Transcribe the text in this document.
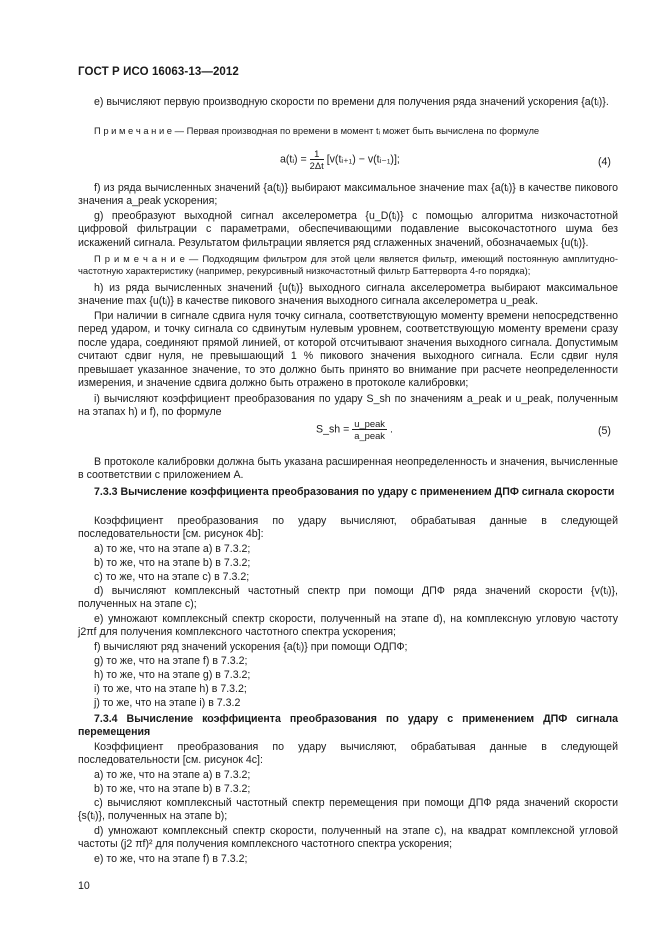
ГОСТ Р ИСО 16063-13—2012
e) вычисляют первую производную скорости по времени для получения ряда значений ускорения {a(tᵢ)}.
П р и м е ч а н и е — Первая производная по времени в момент tᵢ может быть вычислена по формуле
a(tᵢ) = $\frac{1}{2\Delta t}$ [v(tᵢ₊₁) − v(tᵢ₋₁)];	(4)
f) из ряда вычисленных значений {a(tᵢ)} выбирают максимальное значение max {a(tᵢ)} в качестве пикового значения a_peak ускорения;
g) преобразуют выходной сигнал акселерометра {u_D(tᵢ)} с помощью алгоритма низкочастотной цифровой фильтрации с параметрами, обеспечивающими подавление высокочастотного шума без искажений сигнала. Результатом фильтрации является ряд сглаженных значений, обозначаемых {u(tᵢ)}.
П р и м е ч а н и е — Подходящим фильтром для этой цели является фильтр, имеющий постоянную амплитудно-частотную характеристику (например, рекурсивный низкочастотный фильтр Баттерворта 4-го порядка);
h) из ряда вычисленных значений {u(tᵢ)} выходного сигнала акселерометра выбирают максимальное значение max {u(tᵢ)} в качестве пикового значения выходного сигнала акселерометра u_peak.
При наличии в сигнале сдвига нуля точку сигнала, соответствующую моменту времени непосредственно перед ударом, и точку сигнала со сдвинутым нулевым уровнем, соответствующую моменту времени сразу после удара, соединяют прямой линией, от которой отсчитывают значения выходного сигнала. Допустимым считают сдвиг нуля, не превышающий 1 % пикового значения выходного сигнала. Если сдвиг нуля превышает указанное значение, то это должно быть принято во внимание при расчете неопределенности измерения, и значение сдвига должно быть отражено в протоколе калибровки;
i) вычисляют коэффициент преобразования по удару S_sh по значениям a_peak и u_peak, полученным на этапах h) и f), по формуле
S_sh = $\frac{\text{u\_peak}}{\text{a\_peak}}$ .	(5)
В протоколе калибровки должна быть указана расширенная неопределенность и значения, вычисленные в соответствии с приложением А.
7.3.3 Вычисление коэффициента преобразования по удару с применением ДПФ сигнала скорости
Коэффициент преобразования по удару вычисляют, обрабатывая данные в следующей последовательности [см. рисунок 4b]:
a) то же, что на этапе a) в 7.3.2;
b) то же, что на этапе b) в 7.3.2;
c) то же, что на этапе c) в 7.3.2;
d) вычисляют комплексный частотный спектр при помощи ДПФ ряда значений скорости {v(tᵢ)}, полученных на этапе c);
e) умножают комплексный спектр скорости, полученный на этапе d), на комплексную угловую частоту j2πf для получения комплексного частотного спектра ускорения;
f) вычисляют ряд значений ускорения {a(tᵢ)} при помощи ОДПФ;
g) то же, что на этапе f) в 7.3.2;
h) то же, что на этапе g) в 7.3.2;
i) то же, что на этапе h) в 7.3.2;
j) то же, что на этапе i) в 7.3.2
7.3.4 Вычисление коэффициента преобразования по удару с применением ДПФ сигнала перемещения
Коэффициент преобразования по удару вычисляют, обрабатывая данные в следующей последовательности [см. рисунок 4с]:
a) то же, что на этапе a) в 7.3.2;
b) то же, что на этапе b) в 7.3.2;
c) вычисляют комплексный частотный спектр перемещения при помощи ДПФ ряда значений скорости {s(tᵢ)}, полученных на этапе b);
d) умножают комплексный спектр скорости, полученный на этапе c), на квадрат комплексной угловой частоты (j2 πf)² для получения комплексного частотного спектра ускорения;
e) то же, что на этапе f) в 7.3.2;
10
